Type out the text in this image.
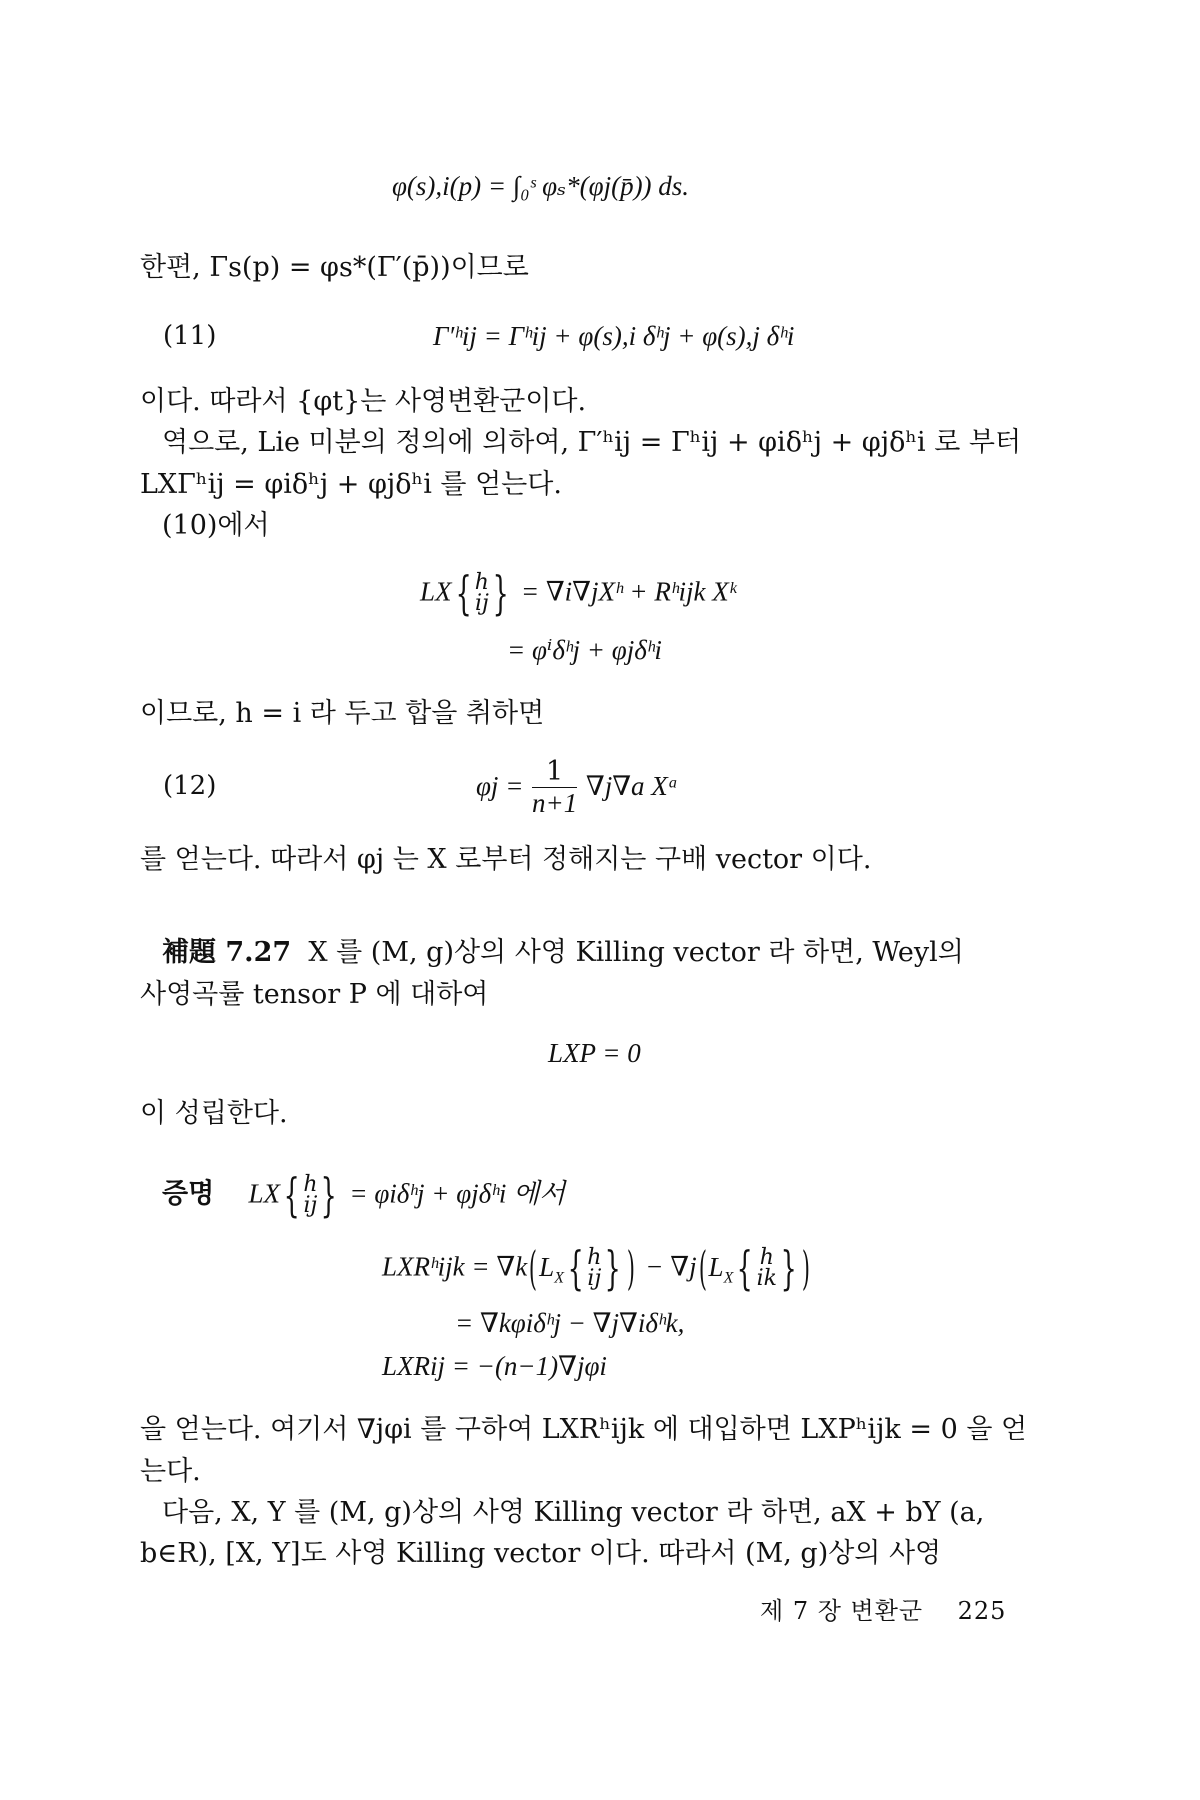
φ(s),i(p) = ∫₀ˢ φₛ*(φj(p̄)) ds.
한편, Γs(p) = φs*(Γ′(p̄))이므로
(11)	Γ′ʰij = Γʰij + φ(s),i δʰj + φ(s),j δʰi
이다. 따라서 {φt}는 사영변환군이다.
역으로, Lie 미분의 정의에 의하여, Γ′ʰij = Γʰij + φiδʰj + φjδʰi 로 부터
LXΓʰij = φiδʰj + φjδʰi 를 얻는다.
(10)에서
LX{ h
ij } = ∇i∇jXʰ + Rʰijk Xᵏ
= φⁱδʰj + φjδʰi
이므로, h = i 라 두고 합을 취하면
(12)	$\varphi j = \frac{1}{n+1} \nabla j\nabla a$ Xᵃ
를 얻는다. 따라서 φj 는 X 로부터 정해지는 구배 vector 이다.
補題 7.27 X 를 (M, g)상의 사영 Killing vector 라 하면, Weyl의
사영곡률 tensor P 에 대하여
LXP = 0
이 성립한다.
증명 LX{ h
ij } = φiδʰj + φjδʰi 에서
LXRʰijk = $\nabla k(L_X${ h
ij } ) − $\nabla j(L_X${ h
ik } )
= ∇kφiδʰj − ∇j∇iδʰk,
LXRij = −(n−1)∇jφi
을 얻는다. 여기서 ∇jφi 를 구하여 LXRʰijk 에 대입하면 LXPʰijk = 0 을 얻
는다.
다음, X, Y 를 (M, g)상의 사영 Killing vector 라 하면, aX + bY (a,
b∈R), [X, Y]도 사영 Killing vector 이다. 따라서 (M, g)상의 사영
제 7 장 변환군 225
